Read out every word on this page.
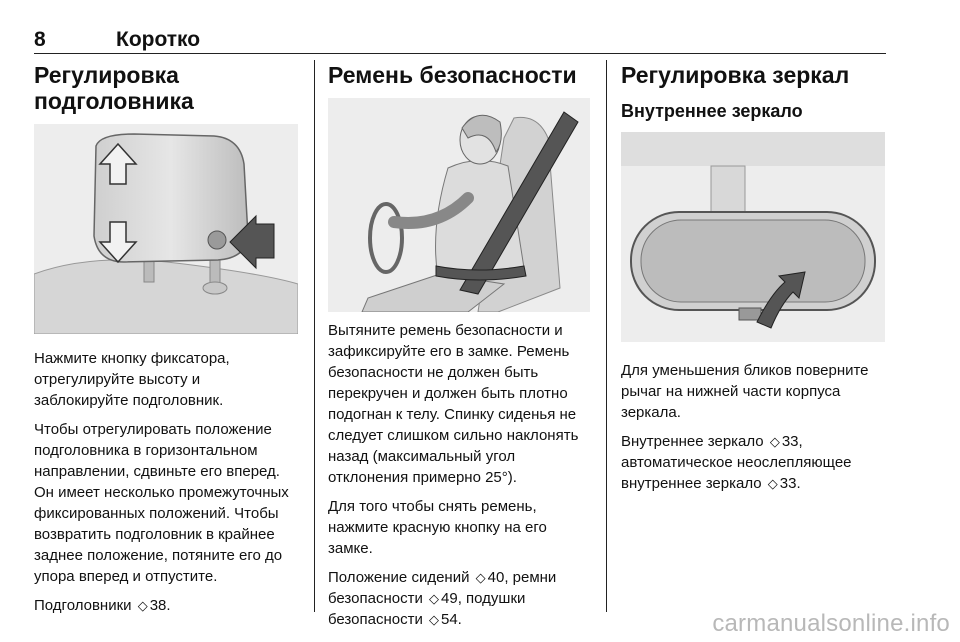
8	Коротко
Регулировка подголовника

Нажмите кнопку фиксатора, отрегулируйте высоту и заблокируйте подголовник.

Чтобы отрегулировать положение подголовника в горизонтальном направлении, сдвиньте его вперед. Он имеет несколько промежуточных фиксированных положений. Чтобы возвратить подголовник в крайнее заднее положение, потяните его до упора вперед и отпустите.

Подголовники ◇ 38.

Ремень безопасности

Вытяните ремень безопасности и зафиксируйте его в замке. Ремень безопасности не должен быть перекручен и должен быть плотно подогнан к телу. Спинку сиденья не следует слишком сильно наклонять назад (максимальный угол отклонения примерно 25°).

Для того чтобы снять ремень, нажмите красную кнопку на его замке.

Положение сидений ◇ 40, ремни безопасности ◇ 49, подушки безопасности ◇ 54.

Регулировка зеркал
Внутреннее зеркало

Для уменьшения бликов поверните рычаг на нижней части корпуса зеркала.

Внутреннее зеркало ◇ 33, автоматическое неослепляющее внутреннее зеркало ◇ 33.

carmanualsonline.info
